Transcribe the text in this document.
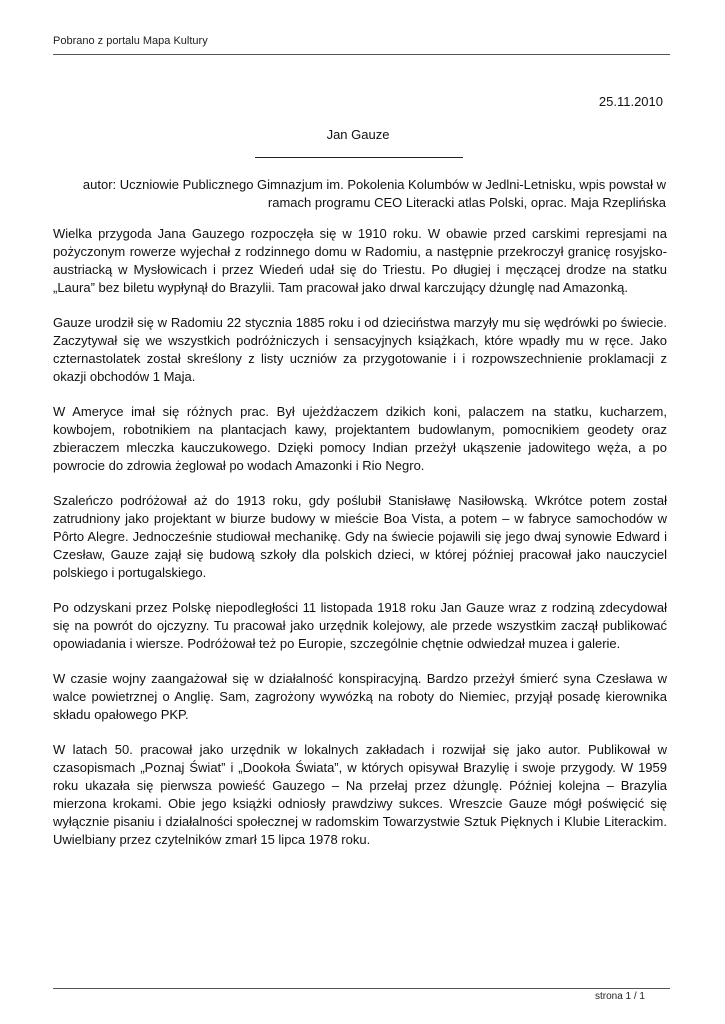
Pobrano z portalu Mapa Kultury
25.11.2010
Jan Gauze
autor: Uczniowie Publicznego Gimnazjum im. Pokolenia Kolumbów w Jedlni-Letnisku, wpis powstał w ramach programu CEO Literacki atlas Polski, oprac. Maja Rzeplińska

Wielka przygoda Jana Gauzego rozpoczęła się w 1910 roku. W obawie przed carskimi represjami na pożyczonym rowerze wyjechał z rodzinnego domu w Radomiu, a następnie przekroczył granicę rosyjsko-austriacką w Mysłowicach i przez Wiedeń udał się do Triestu. Po długiej i męczącej drodze na statku „Laura” bez biletu wypłynął do Brazylii. Tam pracował jako drwal karczujący dżunglę nad Amazonką.

Gauze urodził się w Radomiu 22 stycznia 1885 roku i od dzieciństwa marzyły mu się wędrówki po świecie. Zaczytywał się we wszystkich podróżniczych i sensacyjnych książkach, które wpadły mu w ręce. Jako czternastolatek został skreślony z listy uczniów za przygotowanie i i rozpowszechnienie proklamacji z okazji obchodów 1 Maja.

W Ameryce imał się różnych prac. Był ujeżdżaczem dzikich koni, palaczem na statku, kucharzem, kowbojem, robotnikiem na plantacjach kawy, projektantem budowlanym, pomocnikiem geodety oraz zbieraczem mleczka kauczukowego. Dzięki pomocy Indian przeżył ukąszenie jadowitego węża, a po powrocie do zdrowia żeglował po wodach Amazonki i Rio Negro.

Szaleńczo podróżował aż do 1913 roku, gdy poślubił Stanisławę Nasiłowską. Wkrótce potem został zatrudniony jako projektant w biurze budowy w mieście Boa Vista, a potem – w fabryce samochodów w Pôrto Alegre. Jednocześnie studiował mechanikę. Gdy na świecie pojawili się jego dwaj synowie Edward i Czesław, Gauze zajął się budową szkoły dla polskich dzieci, w której później pracował jako nauczyciel polskiego i portugalskiego.

Po odzyskani przez Polskę niepodległości 11 listopada 1918 roku Jan Gauze wraz z rodziną zdecydował się na powrót do ojczyzny. Tu pracował jako urzędnik kolejowy, ale przede wszystkim zaczął publikować opowiadania i wiersze. Podróżował też po Europie, szczególnie chętnie odwiedzał muzea i galerie.

W czasie wojny zaangażował się w działalność konspiracyjną. Bardzo przeżył śmierć syna Czesława w walce powietrznej o Anglię. Sam, zagrożony wywózką na roboty do Niemiec, przyjął posadę kierownika składu opałowego PKP.

W latach 50. pracował jako urzędnik w lokalnych zakładach i rozwijał się jako autor. Publikował w czasopismach „Poznaj Świat” i „Dookoła Świata”, w których opisywał Brazylię i swoje przygody. W 1959 roku ukazała się pierwsza powieść Gauzego – Na przełaj przez dżunglę. Później kolejna – Brazylia mierzona krokami. Obie jego książki odniosły prawdziwy sukces. Wreszcie Gauze mógł poświęcić się wyłącznie pisaniu i działalności społecznej w radomskim Towarzystwie Sztuk Pięknych i Klubie Literackim. Uwielbiany przez czytelników zmarł 15 lipca 1978 roku.

strona 1 / 1
